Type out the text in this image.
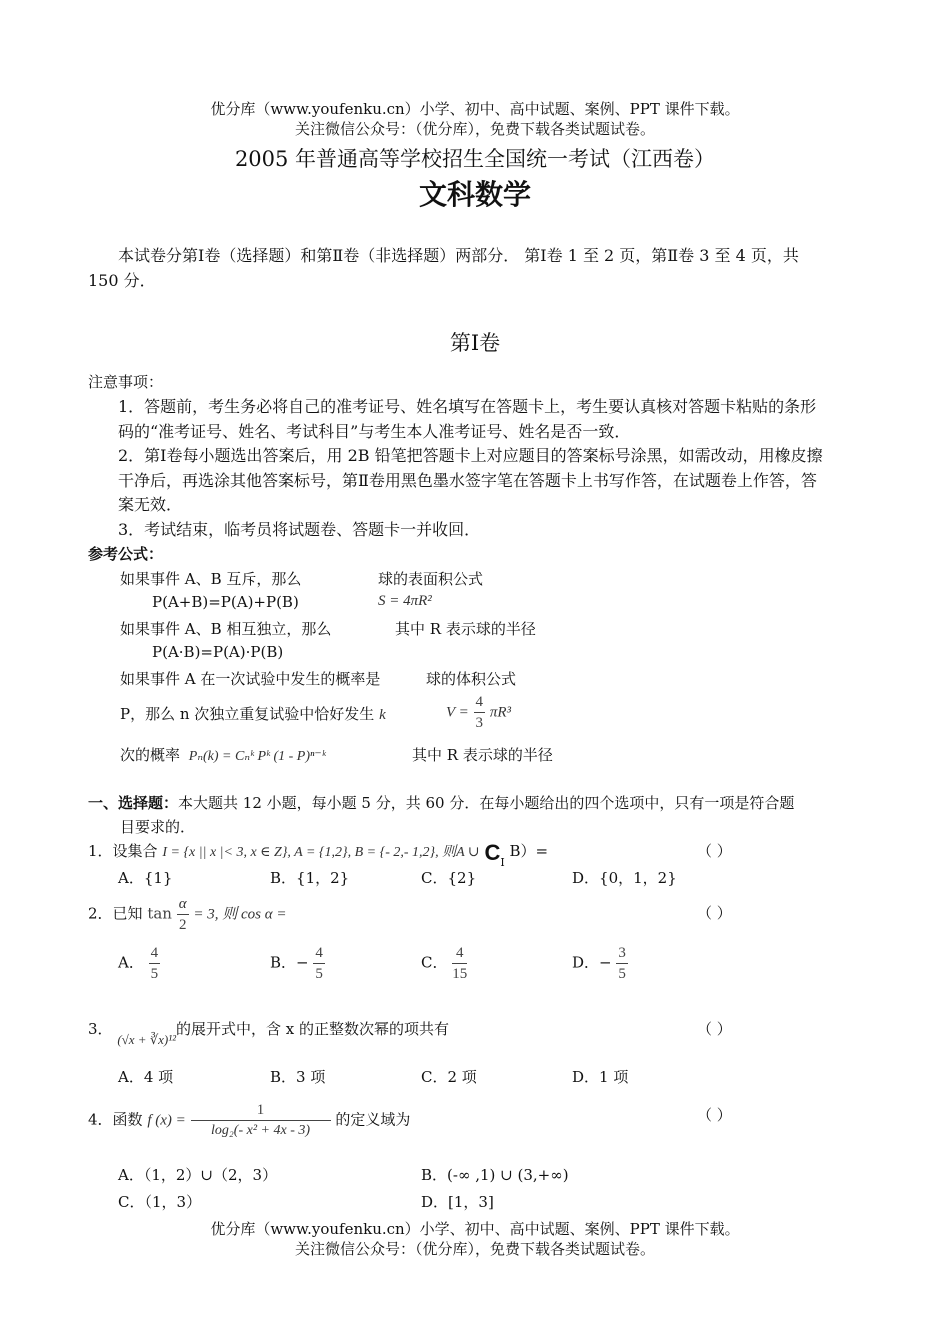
优分库（www.youfenku.cn）小学、初中、高中试题、案例、PPT 课件下载。
关注微信公众号：（优分库），免费下载各类试题试卷。
2005 年普通高等学校招生全国统一考试（江西卷）
文科数学
本试卷分第Ⅰ卷（选择题）和第Ⅱ卷（非选择题）两部分． 第Ⅰ卷 1 至 2 页，第Ⅱ卷 3 至 4 页，共
150 分．
第Ⅰ卷
注意事项：
1．答题前，考生务必将自己的准考证号、姓名填写在答题卡上，考生要认真核对答题卡粘贴的条形
码的“准考证号、姓名、考试科目”与考生本人准考证号、姓名是否一致．
2．第Ⅰ卷每小题选出答案后，用 2B 铅笔把答题卡上对应题目的答案标号涂黑，如需改动，用橡皮擦
干净后，再选涂其他答案标号，第Ⅱ卷用黑色墨水签字笔在答题卡上书写作答，在试题卷上作答，答
案无效．
3．考试结束，临考员将试题卷、答题卡一并收回．
参考公式：
如果事件 A、B 互斥，那么
P(A+B)=P(A)+P(B)
如果事件 A、B 相互独立，那么
P(A·B)=P(A)·P(B)
如果事件 A 在一次试验中发生的概率是
P，那么 n 次独立重复试验中恰好发生 k
次的概率 Pₙ(k) = Cₙᵏ Pᵏ (1 - P)ⁿ⁻ᵏ
球的表面积公式
S = 4πR²
其中 R 表示球的半径
球的体积公式
$V = \frac{4}{3} \pi R^3$
其中 R 表示球的半径
一、选择题：本大题共 12 小题，每小题 5 分，共 60 分．在每小题给出的四个选项中，只有一项是符合题
目要求的．
1．设集合 I = {x || x |< 3, x ∈ Z}, A = {1,2}, B = {- 2,- 1,2}, 则A ∪ $C_I$ B）=	（ ）
A．{1}	B．{1，2}	C．{2}	D．{0，1，2}
2．已知 $\tan \frac{\alpha}{2} = 3$, 则 cos α =	（ ）
A． $\frac{4}{5}$	B．− $\frac{4}{5}$	C． $\frac{4}{15}$	D．− $\frac{3}{5}$
3． (√x + ∛x)¹²的展开式中，含 x 的正整数次幂的项共有	（ ）
A．4 项	B．3 项	C．2 项	D．1 项
4．函数 f $(x) = \frac{1}{\text{log₂(- x² + 4x - 3)}}$ 的定义域为	（ ）
A．（1，2）∪（2，3）	B．(-∞ ,1) ∪ (3,+∞)
C．（1，3）	D．[1，3]
优分库（www.youfenku.cn）小学、初中、高中试题、案例、PPT 课件下载。
关注微信公众号：（优分库），免费下载各类试题试卷。
